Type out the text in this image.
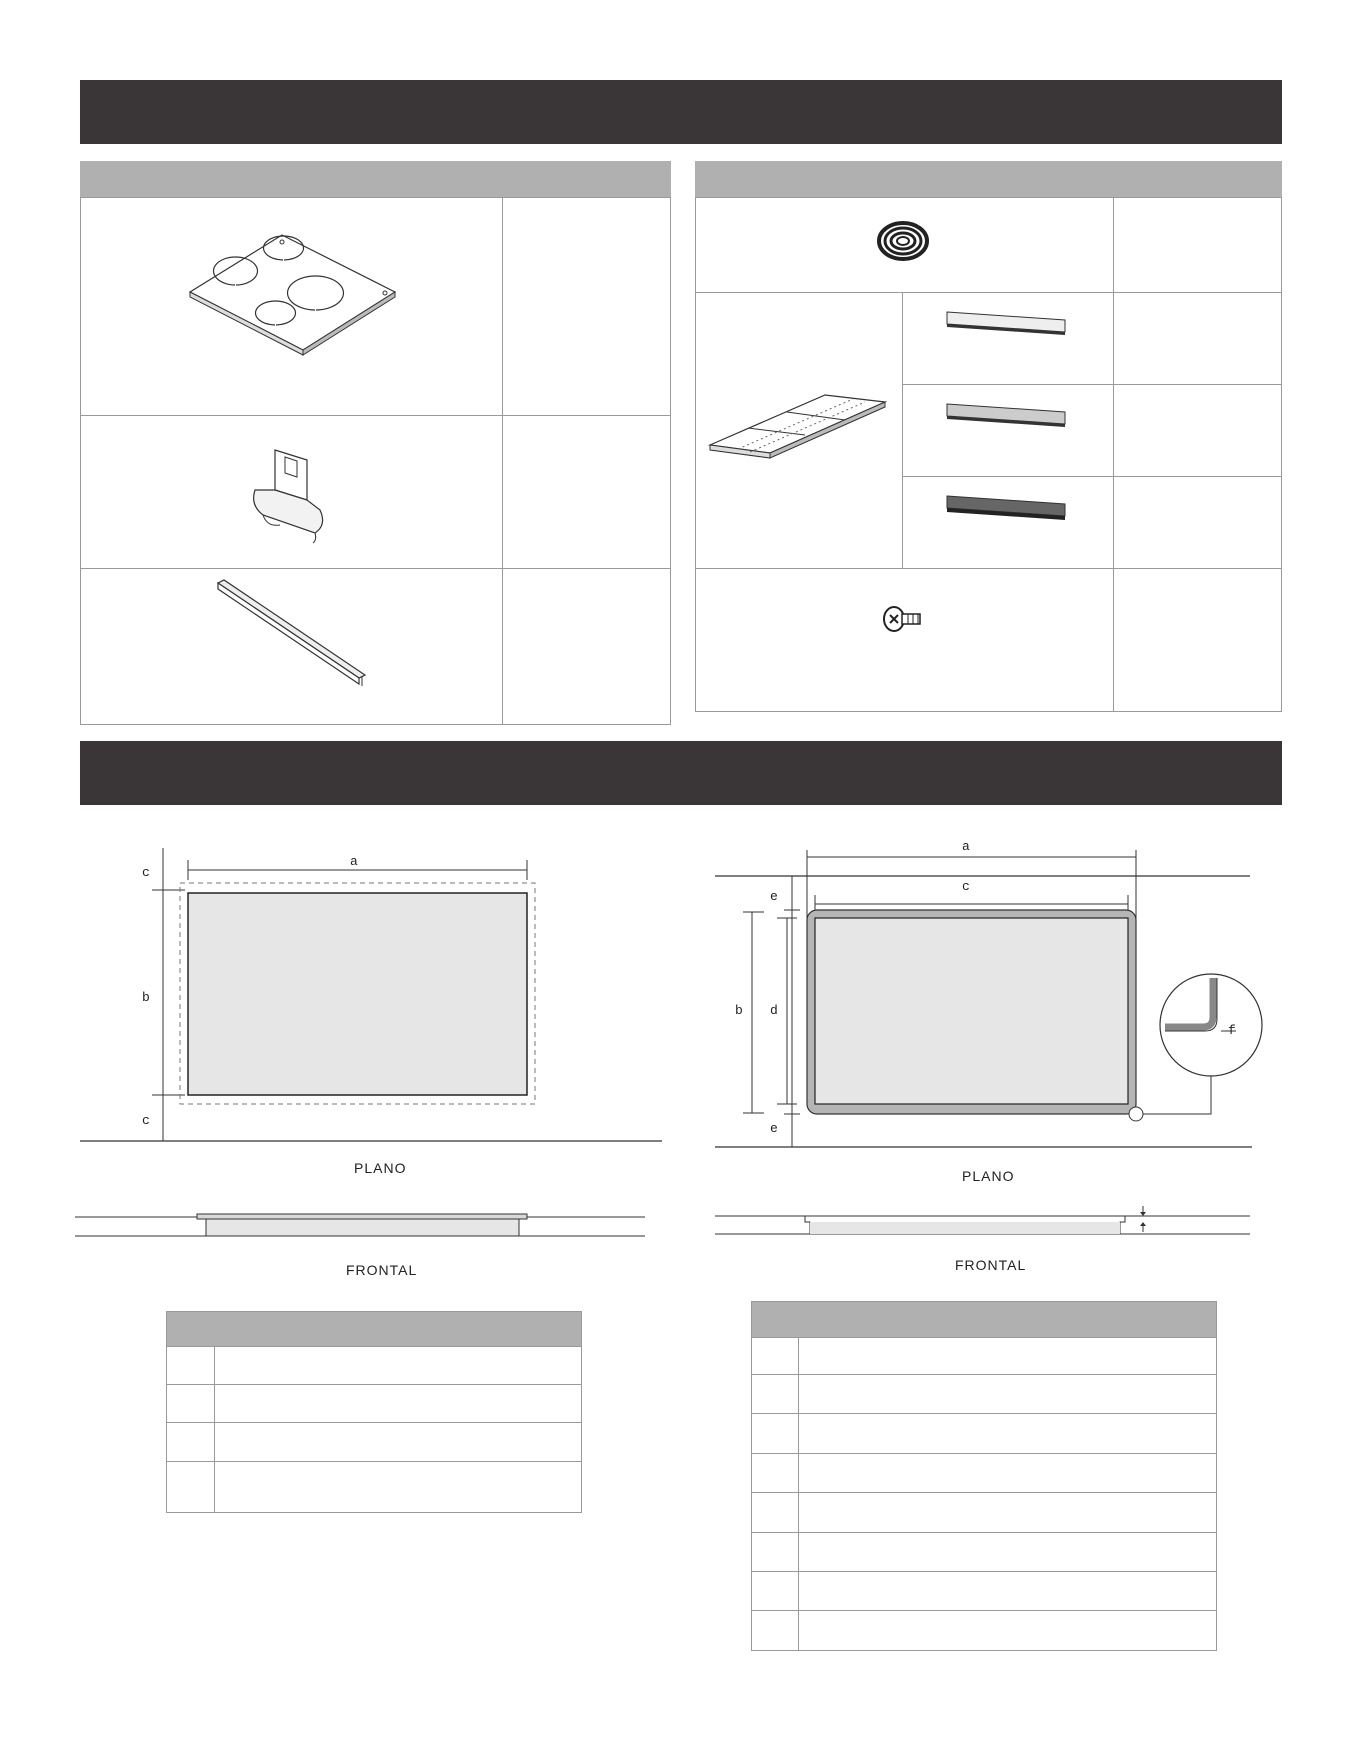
a
c
b
c
PLANO
FRONTAL

a
c
e
b d
e
f
PLANO
FRONTAL
